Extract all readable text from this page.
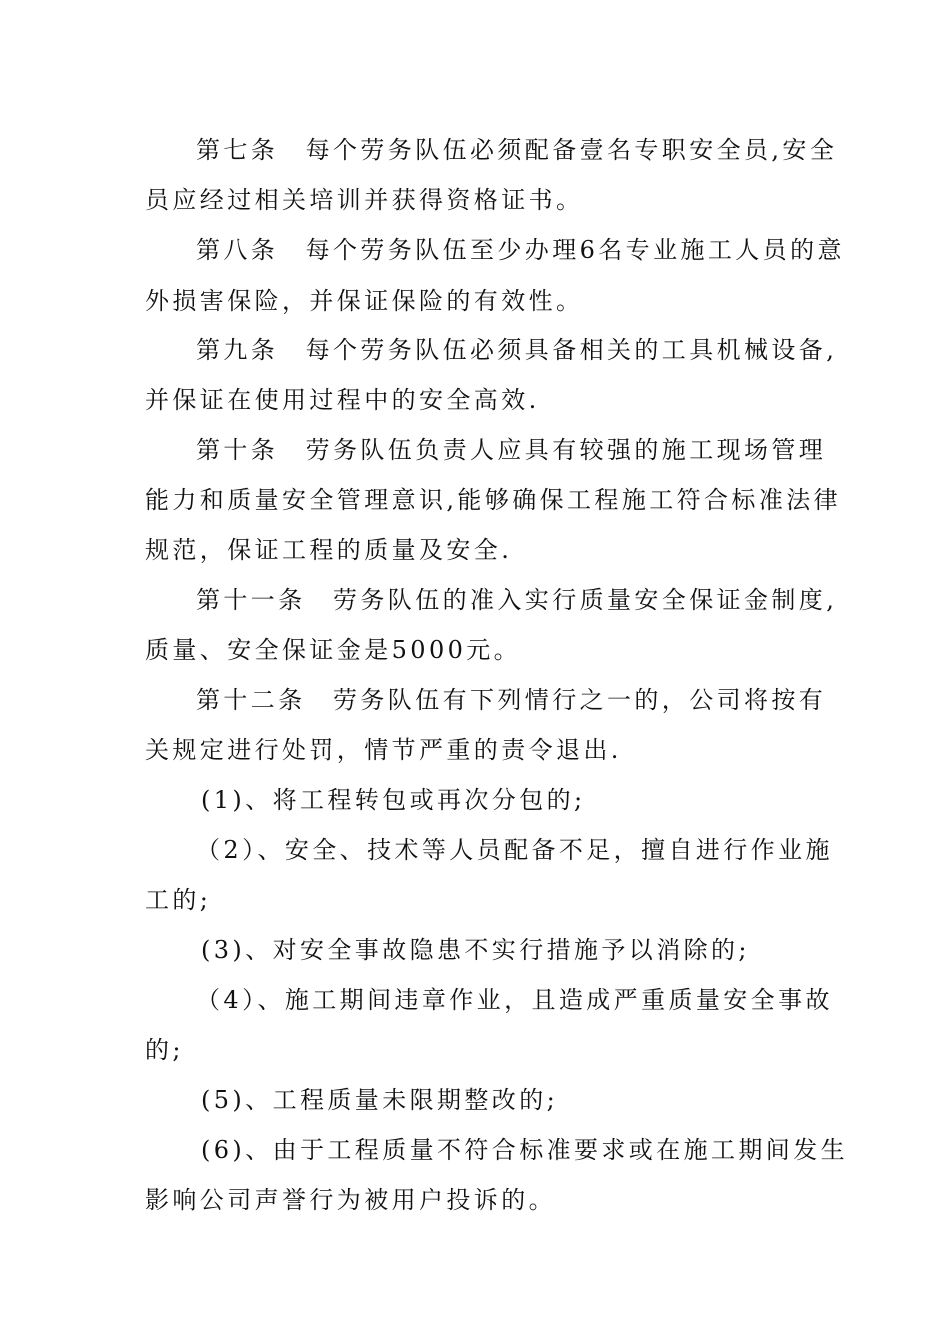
第七条　每个劳务队伍必须配备壹名专职安全员,安全
员应经过相关培训并获得资格证书。
第八条　每个劳务队伍至少办理6名专业施工人员的意
外损害保险，并保证保险的有效性。
第九条　每个劳务队伍必须具备相关的工具机械设备,
并保证在使用过程中的安全高效.
第十条　劳务队伍负责人应具有较强的施工现场管理
能力和质量安全管理意识,能够确保工程施工符合标准法律
规范，保证工程的质量及安全.
第十一条　劳务队伍的准入实行质量安全保证金制度,
质量、安全保证金是5000元。
第十二条　劳务队伍有下列情行之一的，公司将按有
关规定进行处罚，情节严重的责令退出.
(1)、将工程转包或再次分包的;
（2）、安全、技术等人员配备不足，擅自进行作业施
工的;
(3)、对安全事故隐患不实行措施予以消除的;
（4）、施工期间违章作业，且造成严重质量安全事故
的;
(5)、工程质量未限期整改的;
(6)、由于工程质量不符合标准要求或在施工期间发生
影响公司声誉行为被用户投诉的。
